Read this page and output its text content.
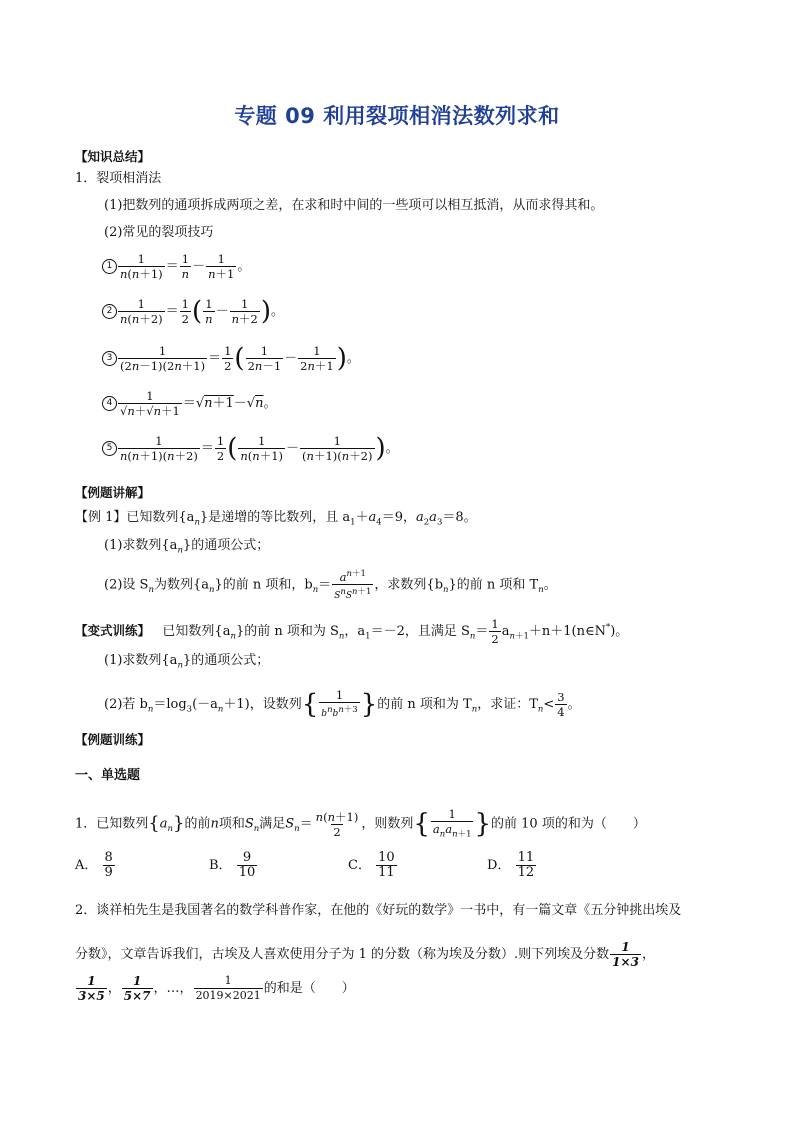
专题 09 利用裂项相消法数列求和
【知识总结】
1．裂项相消法
(1)把数列的通项拆成两项之差，在求和时中间的一些项可以相互抵消，从而求得其和。
(2)常见的裂项技巧
$1 \frac{1}{n(n+1)} = \frac{1}{n} - \frac{1}{n+1}$ 。
$2 \frac{1}{n(n+2)} = \frac{1}{2}$ ( $\frac{1}{n} - \frac{1}{n+2}$ )。
$3 \frac{1}{(2n-1)(2n+1)} = \frac{1}{2}$ ( $\frac{1}{2n-1} - \frac{1}{2n+1}$ )。
$4 \frac{1}{√n+√n+1} =√n+1-√n$。
$5 \frac{1}{n(n+1)(n+2)} = \frac{1}{2}$ ( $\frac{1}{n(n+1)} - \frac{1}{(n+1)(n+2)}$ )。
【例题讲解】
【例 1】已知数列$\{a_n\}$是递增的等比数列，且 $a_1+a_4=9$，$a_2a_3=8$。
(1)求数列$\{a_n\}$的通项公式；
(2)设 $S_n$为数列$\{a_n\}$的前 n 项和，$b_n= \frac{a^{n+1}}{S^nS^{n+1}}$ ，求数列$\{b_n\}$的前 n 项和 $T_n$。
【变式训练】 已知数列$\{a_n\}$的前 n 项和为 $S_n$，$a_1=-2$，且满足 $S_n= \frac{1}{2}$ $a_{n+1}+n+1(n\in N^*)$。
(1)求数列$\{a_n\}$的通项公式；
(2)若 $b_n=\log_3(-a_n+1)$，设数列{ $\frac{1}{b^nb^{n+3}}$ }的前 n 项和为 $T_n$，求证：$T_n< \frac{3}{4}$ 。
【例题训练】
一、单选题
1．已知数列$\{a_n\}$的前n项和$S_n$满足$S_n= \frac{n(n+1)}{2}$ ，则数列{ $\frac{1}{a_na_{n+1}}$ }的前 10 项的和为（　　）
A． $\frac{8}{9}$	B． $\frac{9}{10}$	C． $\frac{10}{11}$	D． $\frac{11}{12}$
2．谈祥柏先生是我国著名的数学科普作家，在他的《好玩的数学》一书中，有一篇文章《五分钟挑出埃及
分数》，文章告诉我们，古埃及人喜欢使用分子为 1 的分数（称为埃及分数）.则下列埃及分数 $\frac{1}{1\times 3}$ ，
$\frac{1}{3\times 5}$ ， $\frac{1}{5\times 7}$ ，…， $\frac{1}{2019\times 2021}$ 的和是（　　）
